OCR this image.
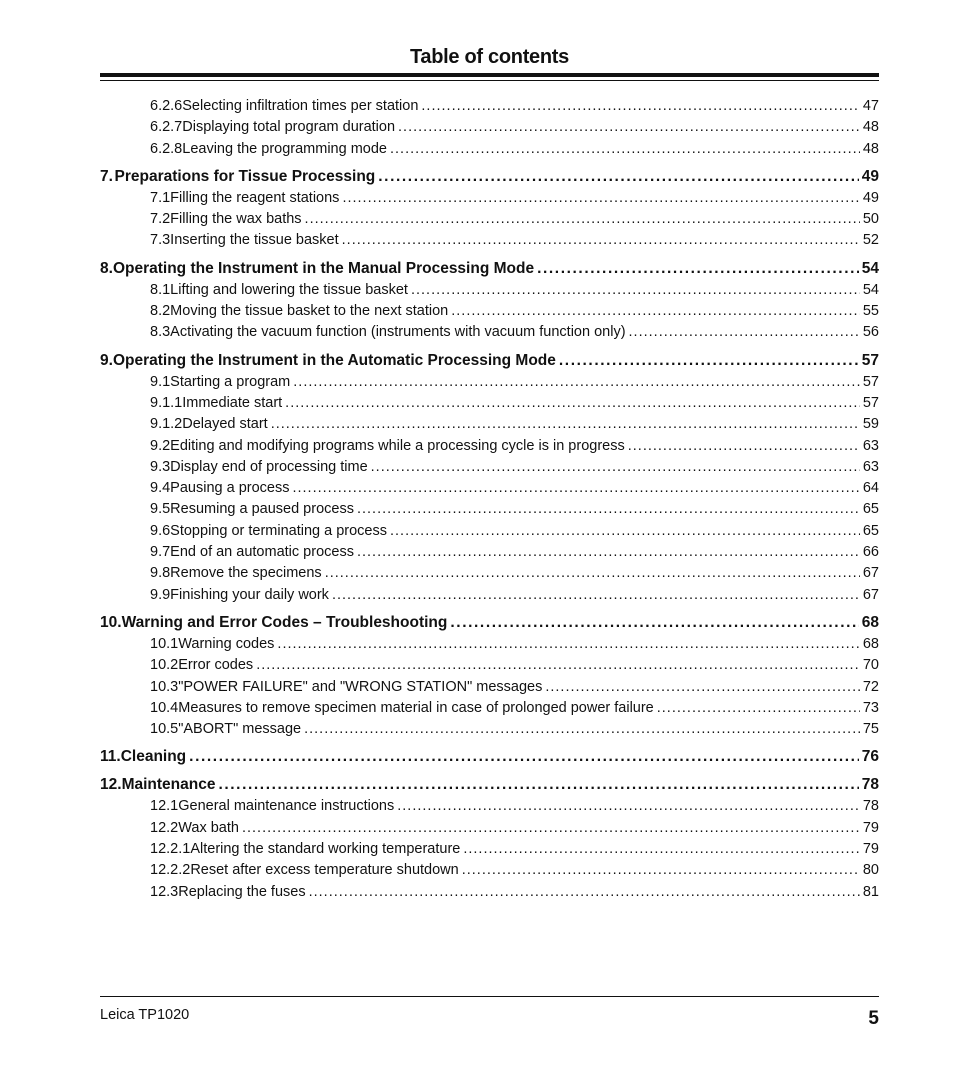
Table of contents
6.2.6 Selecting infiltration times per station .....	47
6.2.7 Displaying total program duration .....	48
6.2.8 Leaving the programming mode .....	48
7. Preparations for Tissue Processing .....	49
7.1 Filling the reagent stations .....	49
7.2 Filling the wax baths .....	50
7.3 Inserting the tissue basket .....	52
8. Operating the Instrument in the Manual Processing Mode .....	54
8.1 Lifting and lowering the tissue basket .....	54
8.2 Moving the tissue basket to the next station .....	55
8.3 Activating the vacuum function (instruments with vacuum function only) .....	56
9. Operating the Instrument in the Automatic Processing Mode .....	57
9.1 Starting a program .....	57
9.1.1 Immediate start .....	57
9.1.2 Delayed start .....	59
9.2 Editing and modifying programs while a processing cycle is in progress .....	63
9.3 Display end of processing time .....	63
9.4 Pausing a process .....	64
9.5 Resuming a paused process .....	65
9.6 Stopping or terminating a process .....	65
9.7 End of an automatic process .....	66
9.8 Remove the specimens .....	67
9.9 Finishing your daily work .....	67
10. Warning and Error Codes – Troubleshooting .....	68
10.1 Warning codes .....	68
10.2 Error codes .....	70
10.3 "POWER FAILURE" and "WRONG STATION" messages .....	72
10.4 Measures to remove specimen material in case of prolonged power failure .....	73
10.5 "ABORT" message .....	75
11. Cleaning .....	76
12. Maintenance .....	78
12.1 General maintenance instructions .....	78
12.2 Wax bath .....	79
12.2.1 Altering the standard working temperature .....	79
12.2.2 Reset after excess temperature shutdown .....	80
12.3 Replacing the fuses .....	81
Leica TP1020	5
